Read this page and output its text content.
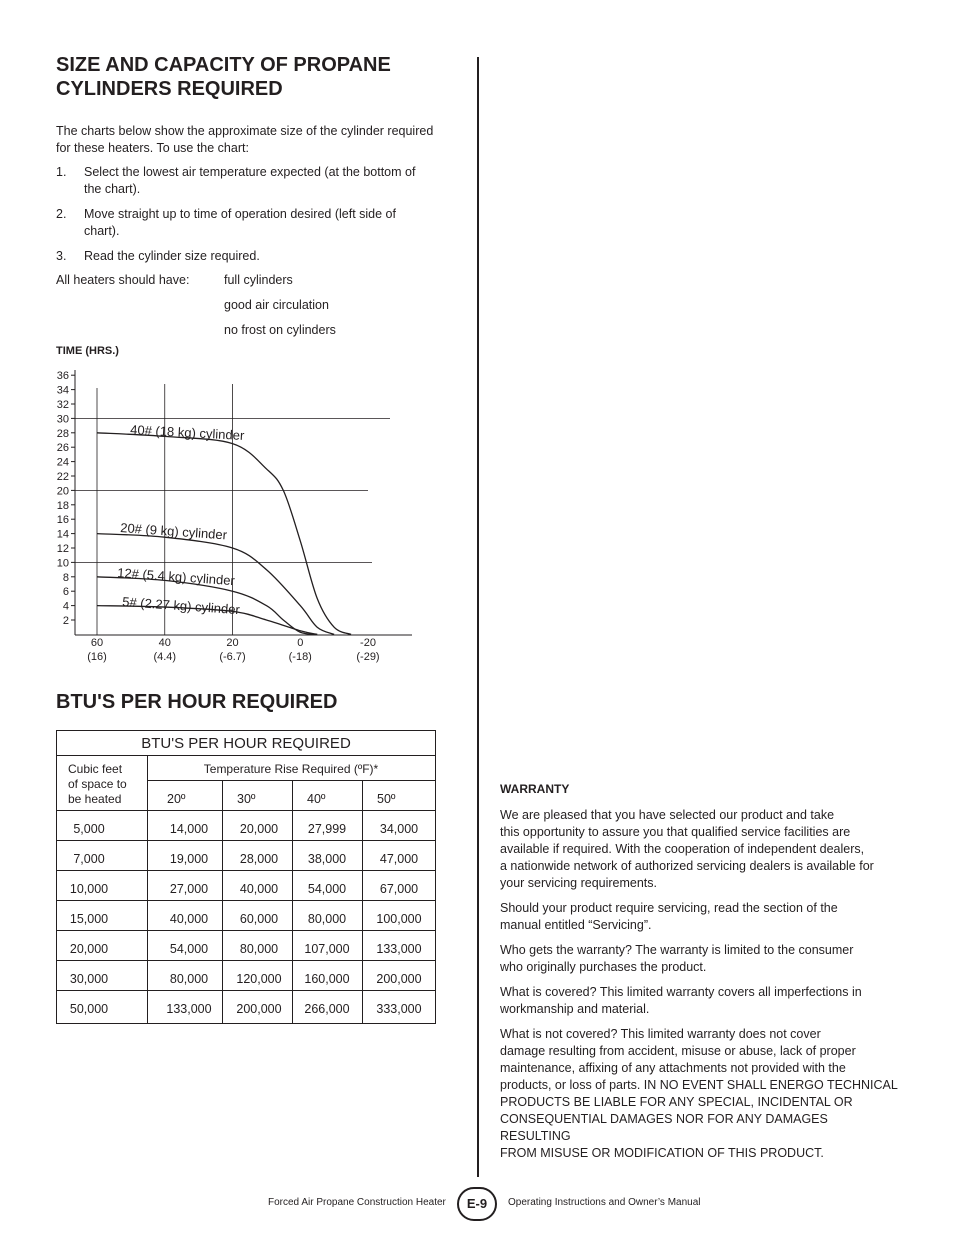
SIZE AND CAPACITY OF PROPANE
CYLINDERS REQUIRED
The charts below show the approximate size of the cylinder required
for these heaters. To use the chart:
1. Select the lowest air temperature expected (at the bottom of
the chart).
2. Move straight up to time of operation desired (left side of
chart).
3. Read the cylinder size required.
All heaters should have:	full cylinders
good air circulation
no frost on cylinders
TIME (HRS.)
36
34
32
30
28
26
24
22
20
18
16
14
12
10
8
6
4
2
60
(16)
40
(4.4)
20
(-6.7)
0
(-18)
-20
(-29)
40# (18 kg) cylinder
20# (9 kg) cylinder
12# (5.4 kg) cylinder
5# (2.27 kg) cylinder
BTU'S PER HOUR REQUIRED
BTU'S PER HOUR REQUIRED
Cubic feet
of space to
be heated
Temperature Rise Required (ºF)*
20º	30º	40º	50º
5,000	14,000	20,000	27,999	34,000
7,000	19,000	28,000	38,000	47,000
10,000	27,000	40,000	54,000	67,000
15,000	40,000	60,000	80,000	100,000
20,000	54,000	80,000	107,000	133,000
30,000	80,000	120,000	160,000	200,000
50,000	133,000	200,000	266,000	333,000
WARRANTY
We are pleased that you have selected our product and take
this opportunity to assure you that qualified service facilities are
available if required. With the cooperation of independent dealers,
a nationwide network of authorized servicing dealers is available for
your servicing requirements.
Should your product require servicing, read the section of the
manual entitled “Servicing”.
Who gets the warranty? The warranty is limited to the consumer
who originally purchases the product.
What is covered? This limited warranty covers all imperfections in
workmanship and material.
What is not covered? This limited warranty does not cover
damage resulting from accident, misuse or abuse, lack of proper
maintenance, affixing of any attachments not provided with the
products, or loss of parts. IN NO EVENT SHALL ENERGO TECHNICAL
PRODUCTS BE LIABLE FOR ANY SPECIAL, INCIDENTAL OR
CONSEQUENTIAL DAMAGES NOR FOR ANY DAMAGES RESULTING
FROM MISUSE OR MODIFICATION OF THIS PRODUCT.
Forced Air Propane Construction Heater	E-9	Operating Instructions and Owner’s Manual
